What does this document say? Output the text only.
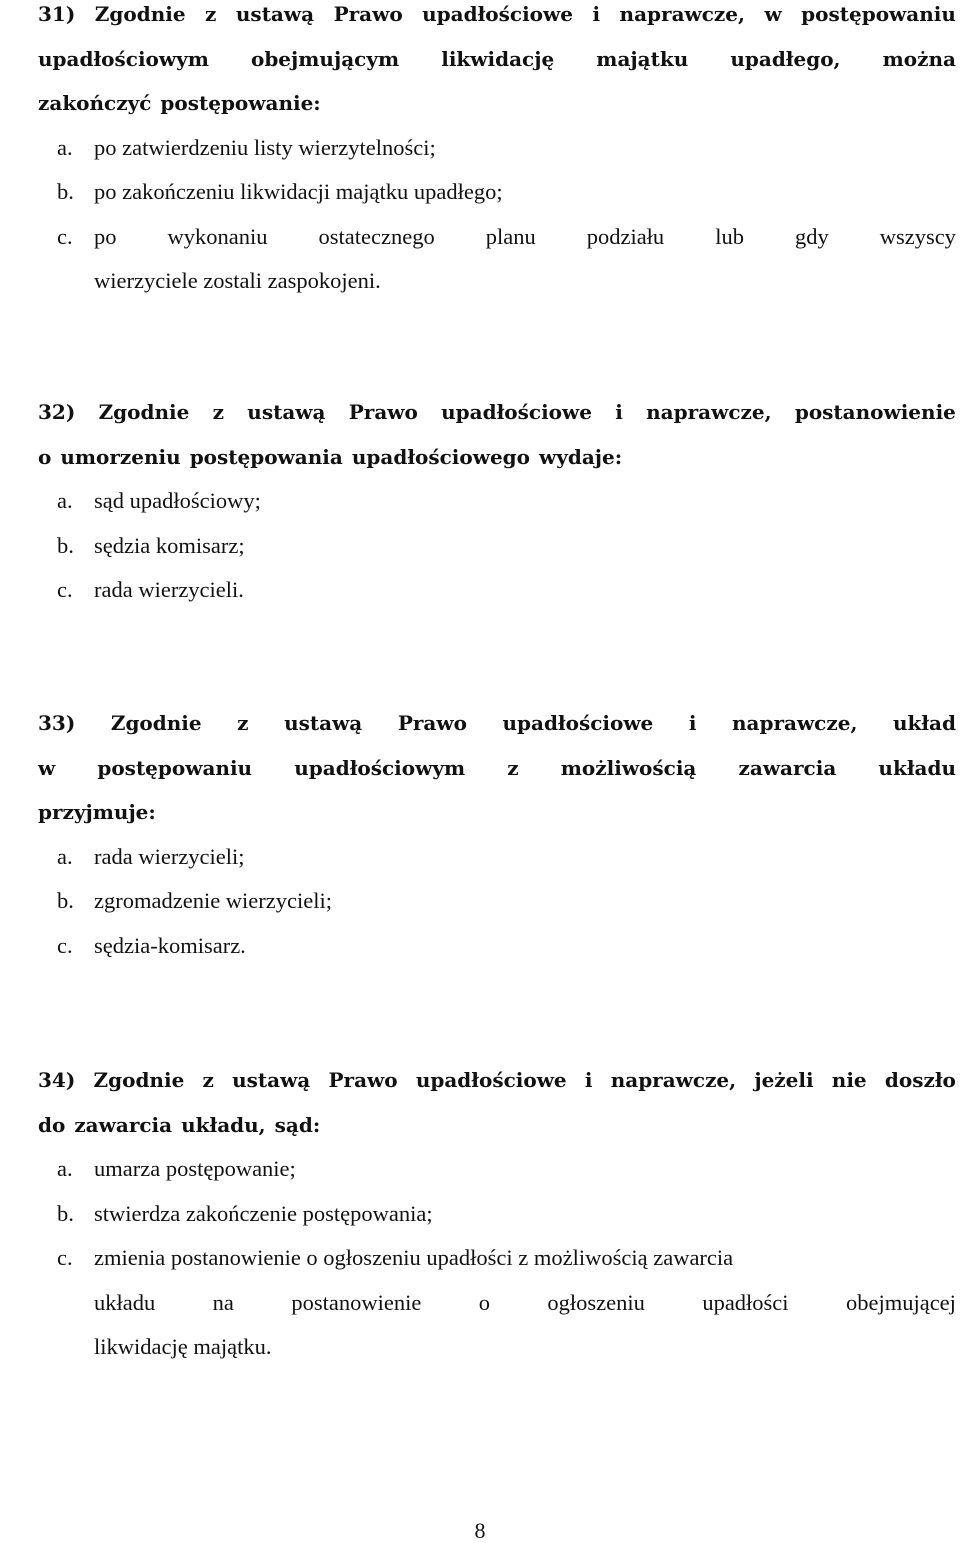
31) Zgodnie z ustawą Prawo upadłościowe i naprawcze, w postępowaniu
upadłościowym obejmującym likwidację majątku upadłego, można
zakończyć postępowanie:
a. po zatwierdzeniu listy wierzytelności;
b. po zakończeniu likwidacji majątku upadłego;
c. po wykonaniu ostatecznego planu podziału lub gdy wszyscy
wierzyciele zostali zaspokojeni.
32) Zgodnie z ustawą Prawo upadłościowe i naprawcze, postanowienie
o umorzeniu postępowania upadłościowego wydaje:
a. sąd upadłościowy;
b. sędzia komisarz;
c. rada wierzycieli.
33) Zgodnie z ustawą Prawo upadłościowe i naprawcze, układ
w postępowaniu upadłościowym z możliwością zawarcia układu
przyjmuje:
a. rada wierzycieli;
b. zgromadzenie wierzycieli;
c. sędzia-komisarz.
34) Zgodnie z ustawą Prawo upadłościowe i naprawcze, jeżeli nie doszło
do zawarcia układu, sąd:
a. umarza postępowanie;
b. stwierdza zakończenie postępowania;
c. zmienia postanowienie o ogłoszeniu upadłości z możliwością zawarcia
układu	na	postanowienie	o	ogłoszeniu	upadłości	obejmującej
likwidację majątku.
8
